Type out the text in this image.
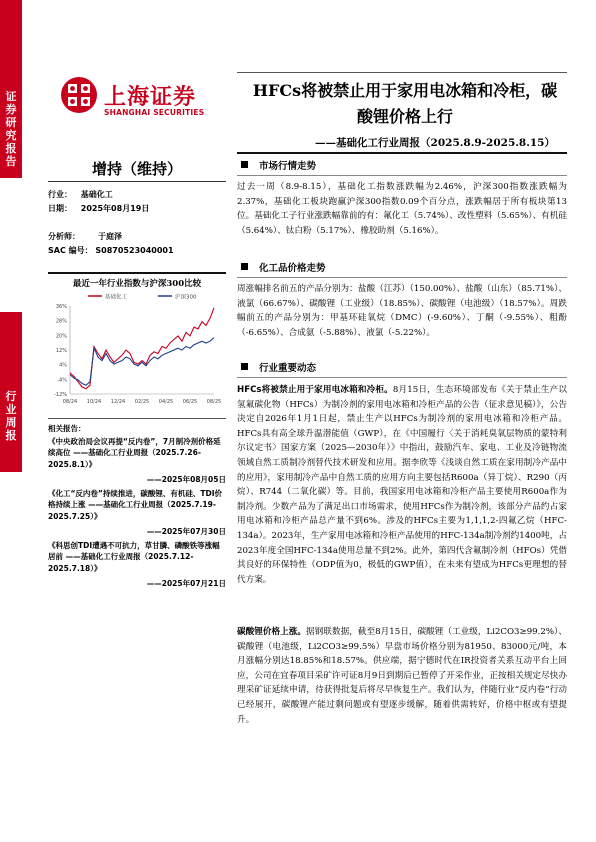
证券研究报告
行业周报
上海证券
SHANGHAI SECURITIES
HFCs将被禁止用于家用电冰箱和冷柜，碳酸锂价格上行
——基础化工行业周报（2025.8.9-2025.8.15）
增持（维持）
行业： 基础化工
日期： 2025年08月19日
分析师： 于庭泽
SAC 编号： S0870523040001
最近一年行业指数与沪深300比较
基础化工	沪深300
36%
28%
20%
12%
4%
-4%
-12%
08/24 10/24 12/24 02/25 04/25 06/25 08/25
相关报告：
《中央政治局会议再提“反内卷”，7月制冷剂价格延续高位 ——基础化工行业周报（2025.7.26-2025.8.1）》
——2025年08月05日
《化工“反内卷”持续推进，碳酸锂、有机硅、TDI价格持续上涨 ——基础化工行业周报（2025.7.19-2025.7.25）》
——2025年07月30日
《科思创TDI遭遇不可抗力，草甘膦、磷酸铁等涨幅居前 ——基础化工行业周报（2025.7.12-2025.7.18）》
——2025年07月21日
市场行情走势
过去一周（8.9-8.15），基础化工指数涨跌幅为2.46%，沪深300指数涨跌幅为2.37%，基础化工板块跑赢沪深300指数0.09个百分点，涨跌幅居于所有板块第13位。基础化工子行业涨跌幅靠前的有：氟化工（5.74%）、改性塑料（5.65%）、有机硅（5.64%）、钛白粉（5.17%）、橡胶助剂（5.16%）。
化工品价格走势
周涨幅排名前五的产品分别为：盐酸（江苏）（150.00%）、盐酸（山东）（85.71%）、液氯（66.67%）、碳酸锂（工业级）（18.85%）、碳酸锂（电池级）（18.57%）。周跌幅前五的产品分别为：甲基环硅氧烷（DMC）(-9.60%）、丁酮（-9.55%）、粗酚（-6.65%）、合成氨（-5.88%）、液氯（-5.22%）。
行业重要动态
HFCs将被禁止用于家用电冰箱和冷柜。8月15日，生态环境部发布《关于禁止生产以氢氟碳化物（HFCs）为制冷剂的家用电冰箱和冷柜产品的公告（征求意见稿）》，公告决定自2026年1月1日起，禁止生产以HFCs为制冷剂的家用电冰箱和冷柜产品。HFCs具有高全球升温潜能值（GWP），在《中国履行〈关于消耗臭氧层物质的蒙特利尔议定书〉国家方案（2025—2030年）》中指出，鼓励汽车、家电、工业及冷链物流领域自然工质制冷剂替代技术研发和应用。据李欣等《浅谈自然工质在家用制冷产品中的应用》，家用制冷产品中自然工质的应用方向主要包括R600a（异丁烷）、R290（丙烷）、R744（二氧化碳）等。目前，我国家用电冰箱和冷柜产品主要使用R600a作为制冷剂。少数产品为了满足出口市场需求，使用HFCs作为制冷剂，该部分产品约占家用电冰箱和冷柜产品总产量不到6%。涉及的HFCs主要为1,1,1,2-四氟乙烷（HFC-134a）。2023年，生产家用电冰箱和冷柜产品使用的HFC-134a制冷剂约1400吨，占2023年度全国HFC-134a使用总量不到2%。此外，第四代含氟制冷剂（HFOs）凭借其良好的环保特性（ODP值为0，极低的GWP值），在未来有望成为HFCs更理想的替代方案。
碳酸锂价格上涨。据钢联数据，截至8月15日，碳酸锂（工业级，Li2CO3≥99.2%）、碳酸锂（电池级，Li2CO3≥99.5%）早盘市场价格分别为81950、83000元/吨，本月涨幅分别达18.85%和18.57%。供应端，据宁德时代在IR投资者关系互动平台上回应，公司在宜春项目采矿许可证8月9日到期后已暂停了开采作业，正按相关规定尽快办理采矿证延续申请，待获得批复后将尽早恢复生产。我们认为，伴随行业“反内卷”行动已经展开，碳酸锂产能过剩问题或有望逐步缓解，随着供需转好，价格中枢或有望提升。
